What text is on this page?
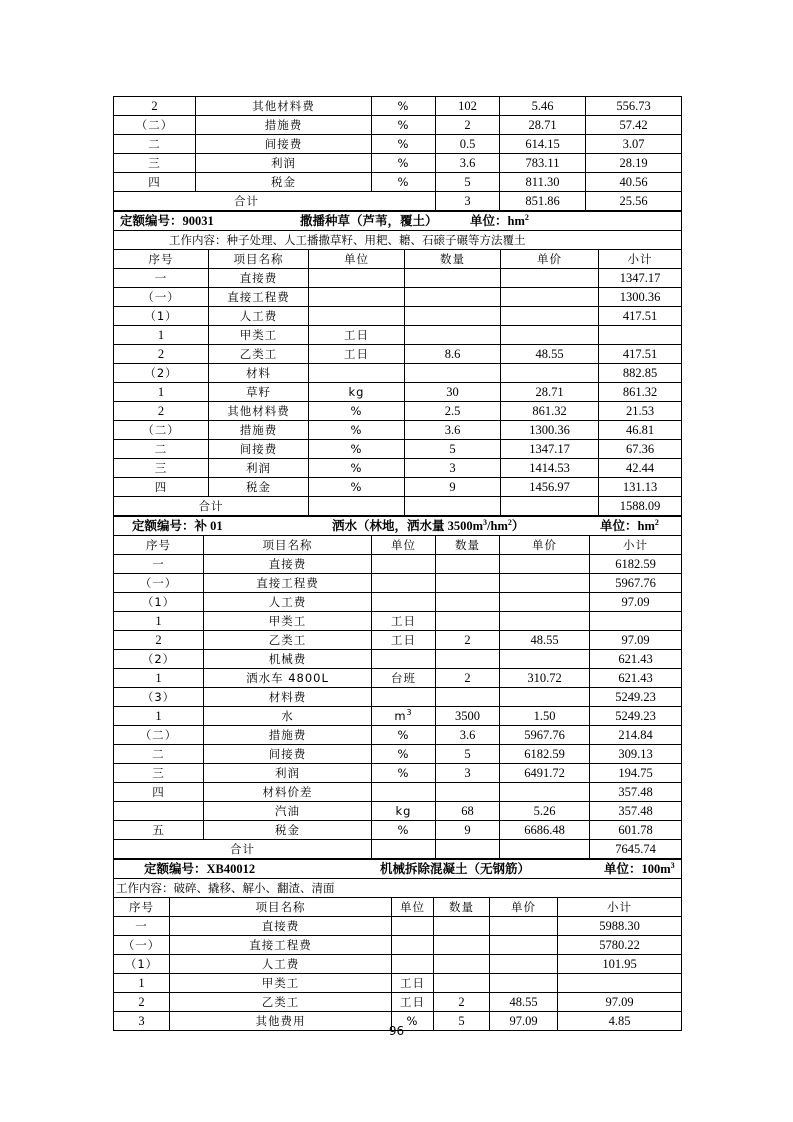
2	其他材料费	%	102	5.46	556.73
（二）	措施费	%	2	28.71	57.42
二	间接费	%	0.5	614.15	3.07
三	利润	%	3.6	783.11	28.19
四	税金	%	5	811.30	40.56
合计			3	851.86	25.56
定额编号：90031 撒播种草（芦苇，覆土） 单位：$hm^2$

工作内容：种子处理、人工播撒草籽、用耙、耱、石磙子碾等方法覆土					
序号	项目名称	单位	数量	单价	小计
一	直接费				1347.17
（一）	直接工程费				1300.36
（1）	人工费				417.51
1	甲类工	工日			
2	乙类工	工日	8.6	48.55	417.51
（2）	材料				882.85
1	草籽	kg	30	28.71	861.32
2	其他材料费	%	2.5	861.32	21.53
（二）	措施费	%	3.6	1300.36	46.81
二	间接费	%	5	1347.17	67.36
三	利润	%	3	1414.53	42.44
四	税金	%	9	1456.97	131.13
合计					1588.09
定额编号：补 01 洒水（林地，洒水量 $3500m^3/hm^2$） 单位：$hm^2$

序号	项目名称	单位	数量	单价	小计
一	直接费				6182.59
（一）	直接工程费				5967.76
（1）	人工费				97.09
1	甲类工	工日			
2	乙类工	工日	2	48.55	97.09
（2）	机械费				621.43
1	洒水车 4800L	台班	2	310.72	621.43
（3）	材料费				5249.23
1	水	$m^3$	3500	1.50	5249.23
（二）	措施费	%	3.6	5967.76	214.84
二	间接费	%	5	6182.59	309.13
三	利润	%	3	6491.72	194.75
四	材料价差				357.48
	汽油	kg	68	5.26	357.48
五	税金	%	9	6686.48	601.78
合计					7645.74
定额编号：XB40012 机械拆除混凝土（无钢筋） 单位：$100m^3$

工作内容：破碎、撬移、解小、翻渣、清面					
序号	项目名称	单位	数量	单价	小计
一	直接费				5988.30
（一）	直接工程费				5780.22
（1）	人工费				101.95
1	甲类工	工日			
2	乙类工	工日	2	48.55	97.09
3	其他费用	%	5	97.09	4.85
96
